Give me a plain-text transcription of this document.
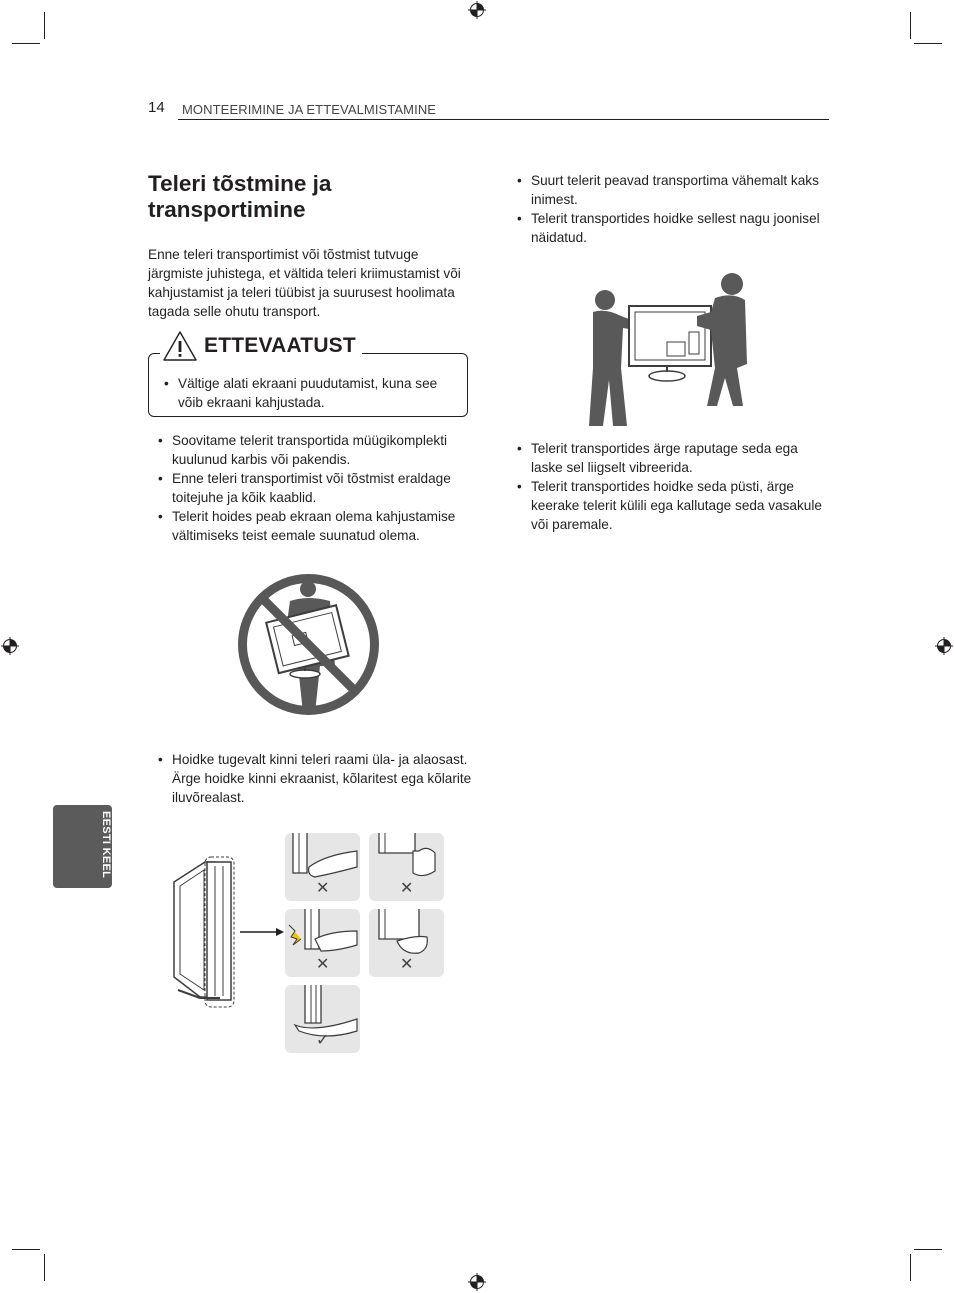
14 MONTEERIMINE JA ETTEVALMISTAMINE
Teleri tõstmine ja transportimine

Enne teleri transportimist või tõstmist tutvuge järgmiste juhistega, et vältida teleri kriimustamist või kahjustamist ja teleri tüübist ja suurusest hoolimata tagada selle ohutu transport.

ETTEVAATUST
• Vältige alati ekraani puudutamist, kuna see võib ekraani kahjustada.
• Soovitame telerit transportida müügikomplekti kuulunud karbis või pakendis.
• Enne teleri transportimist või tõstmist eraldage toitejuhe ja kõik kaablid.
• Telerit hoides peab ekraan olema kahjustamise vältimiseks teist eemale suunatud olema.
• Hoidke tugevalt kinni teleri raami üla- ja alaosast. Ärge hoidke kinni ekraanist, kõlaritest ega kõlarite iluvõrealast.
✕	✕
✕	✕
✓
EESTI KEEL
• Suurt telerit peavad transportima vähemalt kaks inimest.
• Telerit transportides hoidke sellest nagu joonisel näidatud.
• Telerit transportides ärge raputage seda ega laske sel liigselt vibreerida.
• Telerit transportides hoidke seda püsti, ärge keerake telerit külili ega kallutage seda vasakule või paremale.
